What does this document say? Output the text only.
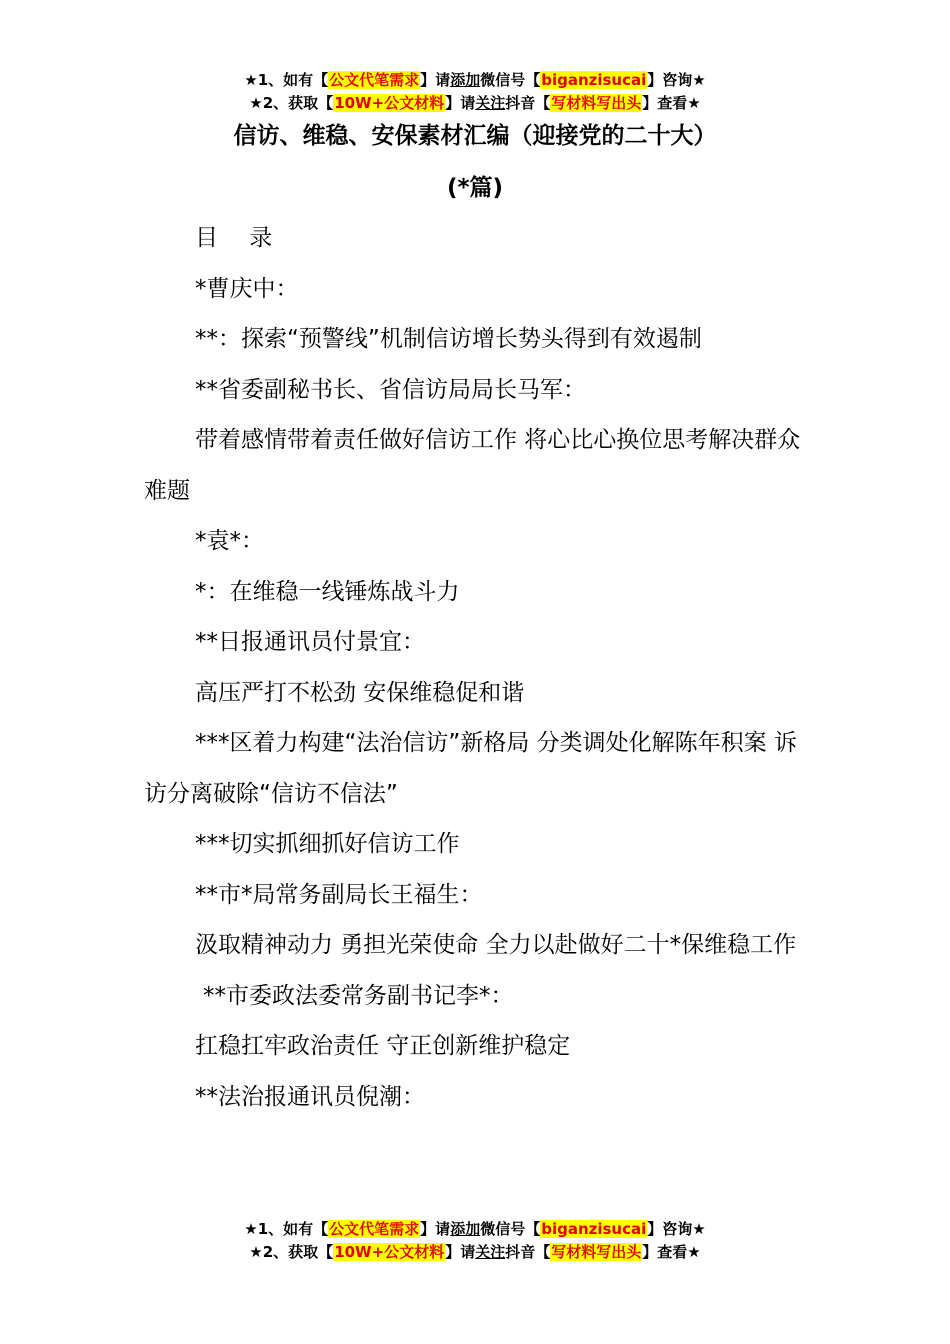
★1、如有【公文代笔需求】请添加微信号【biganzisucai】咨询★
★2、获取【10W+公文材料】请关注抖音【写材料写出头】查看★
信访、维稳、安保素材汇编（迎接党的二十大）
(*篇)

目 录

*曹庆中：

**：探索“预警线”机制信访增长势头得到有效遏制

**省委副秘书长、省信访局局长马军：

带着感情带着责任做好信访工作 将心比心换位思考解决群众难题

*袁*：

*：在维稳一线锤炼战斗力

**日报通讯员付景宜：

高压严打不松劲 安保维稳促和谐

***区着力构建“法治信访”新格局 分类调处化解陈年积案 诉访分离破除“信访不信法”

***切实抓细抓好信访工作

**市*局常务副局长王福生：

汲取精神动力 勇担光荣使命 全力以赴做好二十*保维稳工作

**市委政法委常务副书记李*：

扛稳扛牢政治责任 守正创新维护稳定

**法治报通讯员倪潮：

★1、如有【公文代笔需求】请添加微信号【biganzisucai】咨询★
★2、获取【10W+公文材料】请关注抖音【写材料写出头】查看★
